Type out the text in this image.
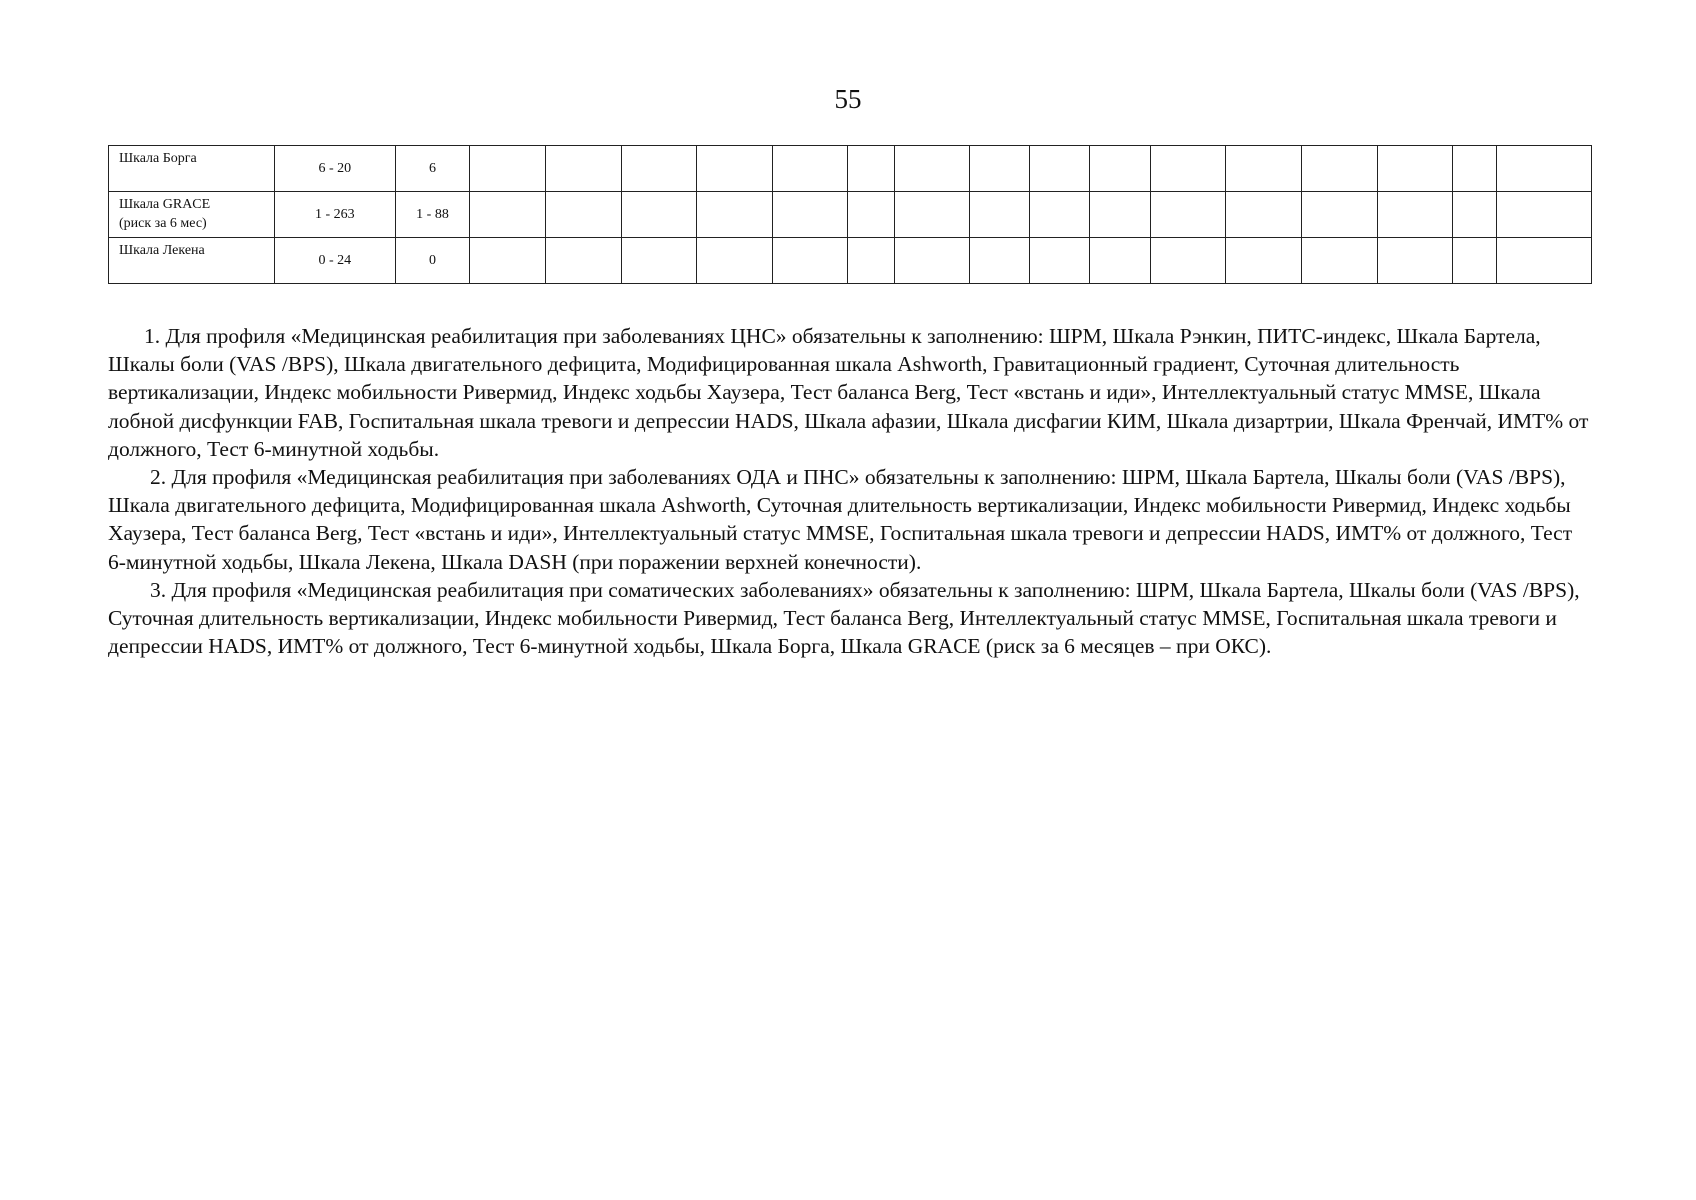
55
Шкала Борга	6 - 20	6																
Шкала GRACE
(риск за 6 мес)	1 - 263	1 - 88																
Шкала Лекена	0 - 24	0																

1. Для профиля «Медицинская реабилитация при заболеваниях ЦНС» обязательны к заполнению: ШРМ, Шкала Рэнкин, ПИТС-индекс, Шкала Бартела, Шкалы боли (VAS /BPS), Шкала двигательного дефицита, Модифицированная шкала Ashworth, Гравитационный градиент, Суточная длительность вертикализации, Индекс мобильности Ривермид, Индекс ходьбы Хаузера, Тест баланса Berg, Тест «встань и иди», Интеллектуальный статус MMSE, Шкала лобной дисфункции FAB, Госпитальная шкала тревоги и депрессии HADS, Шкала афазии, Шкала дисфагии КИМ, Шкала дизартрии, Шкала Френчай, ИМТ% от должного, Тест 6-минутной ходьбы.

2. Для профиля «Медицинская реабилитация при заболеваниях ОДА и ПНС» обязательны к заполнению: ШРМ, Шкала Бартела, Шкалы боли (VAS /BPS), Шкала двигательного дефицита, Модифицированная шкала Ashworth, Суточная длительность вертикализации, Индекс мобильности Ривермид, Индекс ходьбы Хаузера, Тест баланса Berg, Тест «встань и иди», Интеллектуальный статус MMSE, Госпитальная шкала тревоги и депрессии HADS, ИМТ% от должного, Тест 6-минутной ходьбы, Шкала Лекена, Шкала DASH (при поражении верхней конечности).

3. Для профиля «Медицинская реабилитация при соматических заболеваниях» обязательны к заполнению: ШРМ, Шкала Бартела, Шкалы боли (VAS /BPS), Суточная длительность вертикализации, Индекс мобильности Ривермид, Тест баланса Berg, Интеллектуальный статус MMSE, Госпитальная шкала тревоги и депрессии HADS, ИМТ% от должного, Тест 6-минутной ходьбы, Шкала Борга, Шкала GRACE (риск за 6 месяцев – при ОКС).
